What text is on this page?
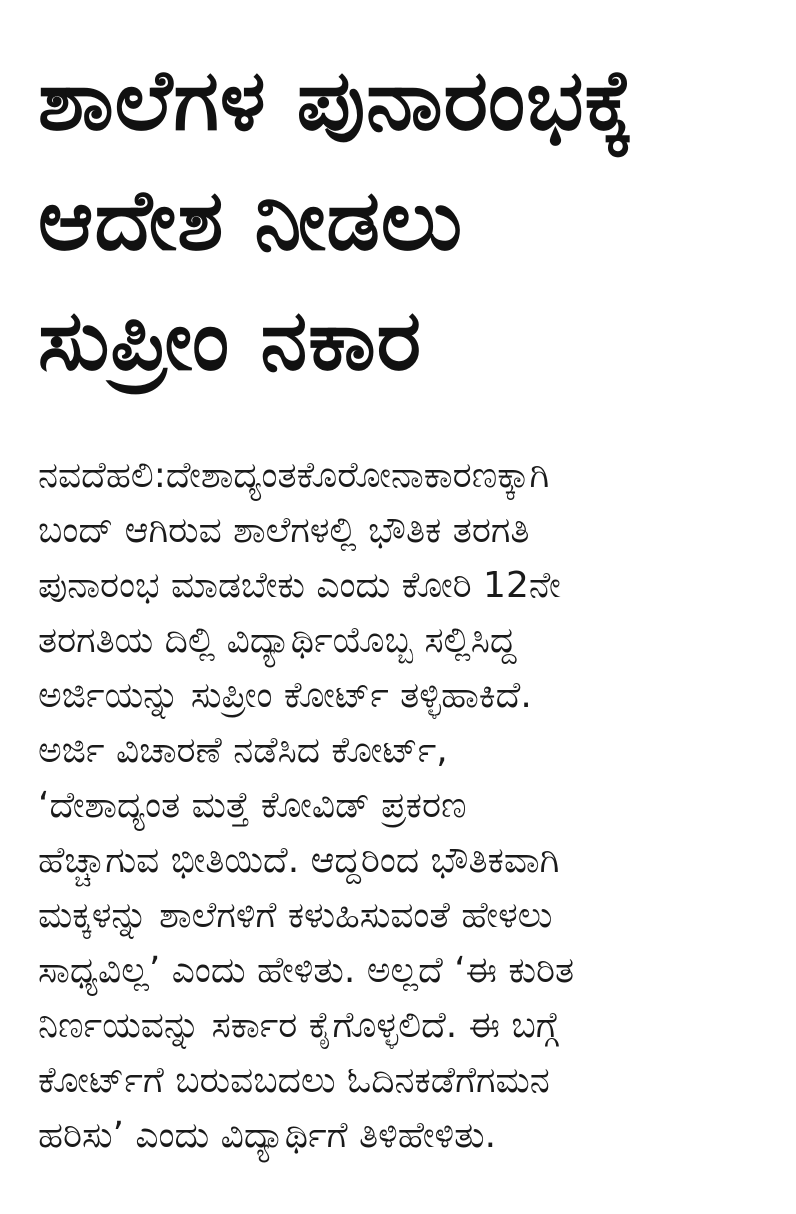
ಶಾಲೆಗಳ ಪುನಾರಂಭಕ್ಕೆ
ಆದೇಶ ನೀಡಲು
ಸುಪ್ರೀಂ ನಕಾರ
ನವದೆಹಲಿ:ದೇಶಾದ್ಯಂತಕೊರೋನಾಕಾರಣಕ್ಕಾಗಿ
ಬಂದ್ ಆಗಿರುವ ಶಾಲೆಗಳಲ್ಲಿ ಭೌತಿಕ ತರಗತಿ
ಪುನಾರಂಭ ಮಾಡಬೇಕು ಎಂದು ಕೋರಿ 12ನೇ
ತರಗತಿಯ ದಿಲ್ಲಿ ವಿದ್ಯಾರ್ಥಿಯೊಬ್ಬ ಸಲ್ಲಿಸಿದ್ದ
ಅರ್ಜಿಯನ್ನು ಸುಪ್ರೀಂ ಕೋರ್ಟ್ ತಳ್ಳಿಹಾಕಿದೆ.
ಅರ್ಜಿ ವಿಚಾರಣೆ ನಡೆಸಿದ ಕೋರ್ಟ್,
‘ದೇಶಾದ್ಯಂತ ಮತ್ತೆ ಕೋವಿಡ್ ಪ್ರಕರಣ
ಹೆಚ್ಚಾಗುವ ಭೀತಿಯಿದೆ. ಆದ್ದರಿಂದ ಭೌತಿಕವಾಗಿ
ಮಕ್ಕಳನ್ನು ಶಾಲೆಗಳಿಗೆ ಕಳುಹಿಸುವಂತೆ ಹೇಳಲು
ಸಾಧ್ಯವಿಲ್ಲ’ ಎಂದು ಹೇಳಿತು. ಅಲ್ಲದೆ ‘ಈ ಕುರಿತ
ನಿರ್ಣಯವನ್ನು ಸರ್ಕಾರ ಕೈಗೊಳ್ಳಲಿದೆ. ಈ ಬಗ್ಗೆ
ಕೋರ್ಟ್‌ಗೆ ಬರುವಬದಲು ಓದಿನಕಡೆಗೆಗಮನ
ಹರಿಸು’ ಎಂದು ವಿದ್ಯಾರ್ಥಿಗೆ ತಿಳಿಹೇಳಿತು.
